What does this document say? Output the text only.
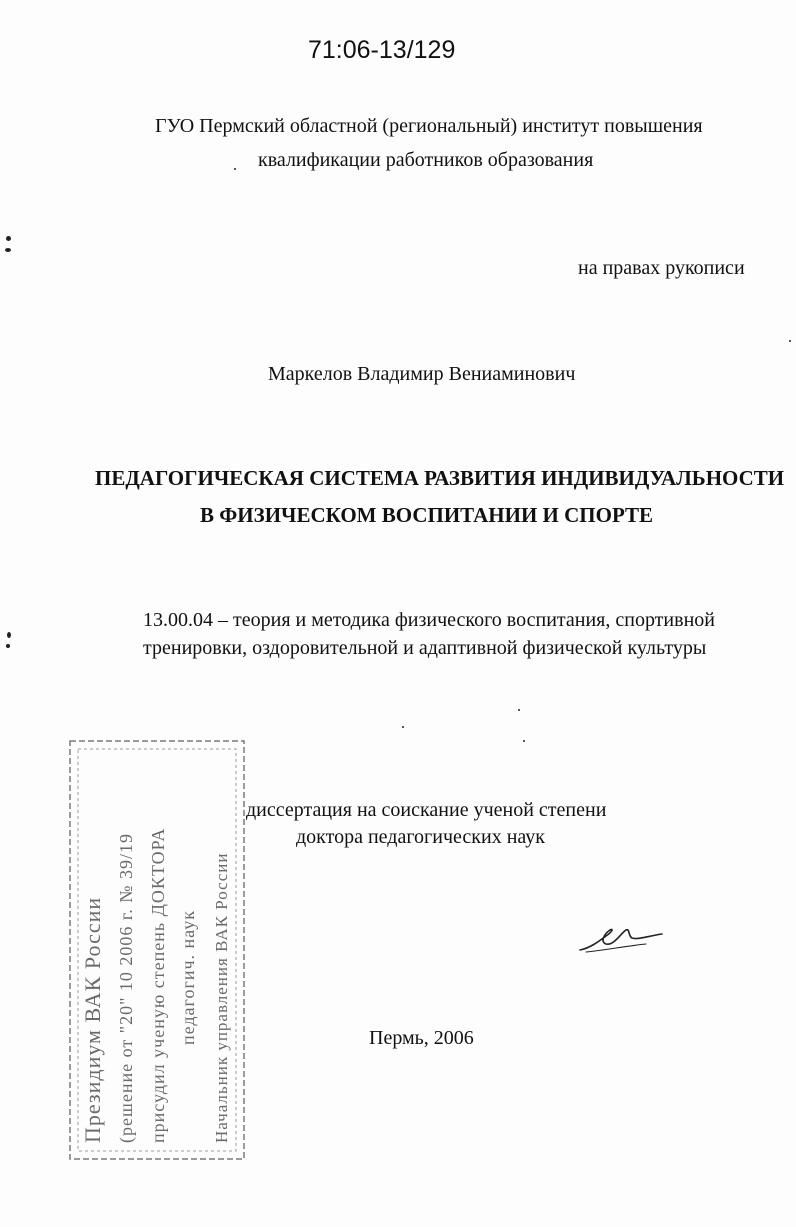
71:06-13/129
ГУО Пермский областной (региональный) институт повышения
квалификации работников образования
на правах рукописи
Маркелов Владимир Вениаминович
ПЕДАГОГИЧЕСКАЯ СИСТЕМА РАЗВИТИЯ ИНДИВИДУАЛЬНОСТИ
В ФИЗИЧЕСКОМ ВОСПИТАНИИ И СПОРТЕ
13.00.04 – теория и методика физического воспитания, спортивной
тренировки, оздоровительной и адаптивной физической культуры
диссертация на соискание ученой степени
доктора педагогических наук
Пермь, 2006
Президиум ВАК России (решение от "20" 10 2006 г. № 39/19 присудил ученую степень ДОКТОРА педагогич. наук Начальник управления ВАК России
